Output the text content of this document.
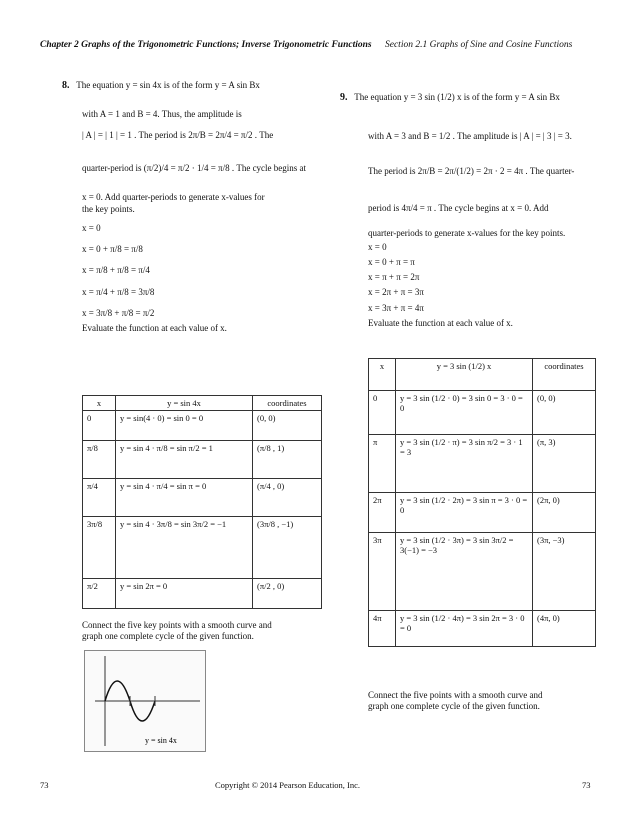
Chapter 2 Graphs of the Trigonometric Functions; Inverse Trigonometric Functions Section 2.1 Graphs of Sine and Cosine Functions
8. The equation y = sin 4x is of the form y = A sin Bx
with A = 1 and B = 4. Thus, the amplitude is
| A | = | 1 | = 1 . The period is 2π/B = 2π/4 = π/2 . The
quarter-period is (π/2)/4 = π/2 · 1/4 = π/8 . The cycle begins at
x = 0. Add quarter-periods to generate x-values for
the key points.
x = 0
x = 0 + π/8 = π/8
x = π/8 + π/8 = π/4
x = π/4 + π/8 = 3π/8
x = 3π/8 + π/8 = π/2
Evaluate the function at each value of x.
x	y = sin 4x	coordinates
0	y = sin(4 · 0) = sin 0 = 0	(0, 0)
π/8	y = sin 4 · π/8 = sin π/2 = 1	(π/8 , 1)
π/4	y = sin 4 · π/4 = sin π = 0	(π/4 , 0)
3π/8	y = sin 4 · 3π/8 = sin 3π/2 = −1	(3π/8 , −1)
π/2	y = sin 2π = 0	(π/2 , 0)
Connect the five key points with a smooth curve and
graph one complete cycle of the given function.
y = sin 4x
9. The equation y = 3 sin (1/2) x is of the form y = A sin Bx
with A = 3 and B = 1/2 . The amplitude is | A | = | 3 | = 3.
The period is 2π/B = 2π/(1/2) = 2π · 2 = 4π . The quarter-
period is 4π/4 = π . The cycle begins at x = 0. Add
quarter-periods to generate x-values for the key points.
x = 0
x = 0 + π = π
x = π + π = 2π
x = 2π + π = 3π
x = 3π + π = 4π
Evaluate the function at each value of x.
x	y = 3 sin (1/2) x	coordinates
0	y = 3 sin (1/2 · 0) = 3 sin 0 = 3 · 0 = 0	(0, 0)
π	y = 3 sin (1/2 · π) = 3 sin π/2 = 3 · 1 = 3	(π, 3)
2π	y = 3 sin (1/2 · 2π) = 3 sin π = 3 · 0 = 0	(2π, 0)
3π	y = 3 sin (1/2 · 3π) = 3 sin 3π/2 = 3(−1) = −3	(3π, −3)
4π	y = 3 sin (1/2 · 4π) = 3 sin 2π = 3 · 0 = 0	(4π, 0)
Connect the five points with a smooth curve and
graph one complete cycle of the given function.
73	Copyright © 2014 Pearson Education, Inc.	73
